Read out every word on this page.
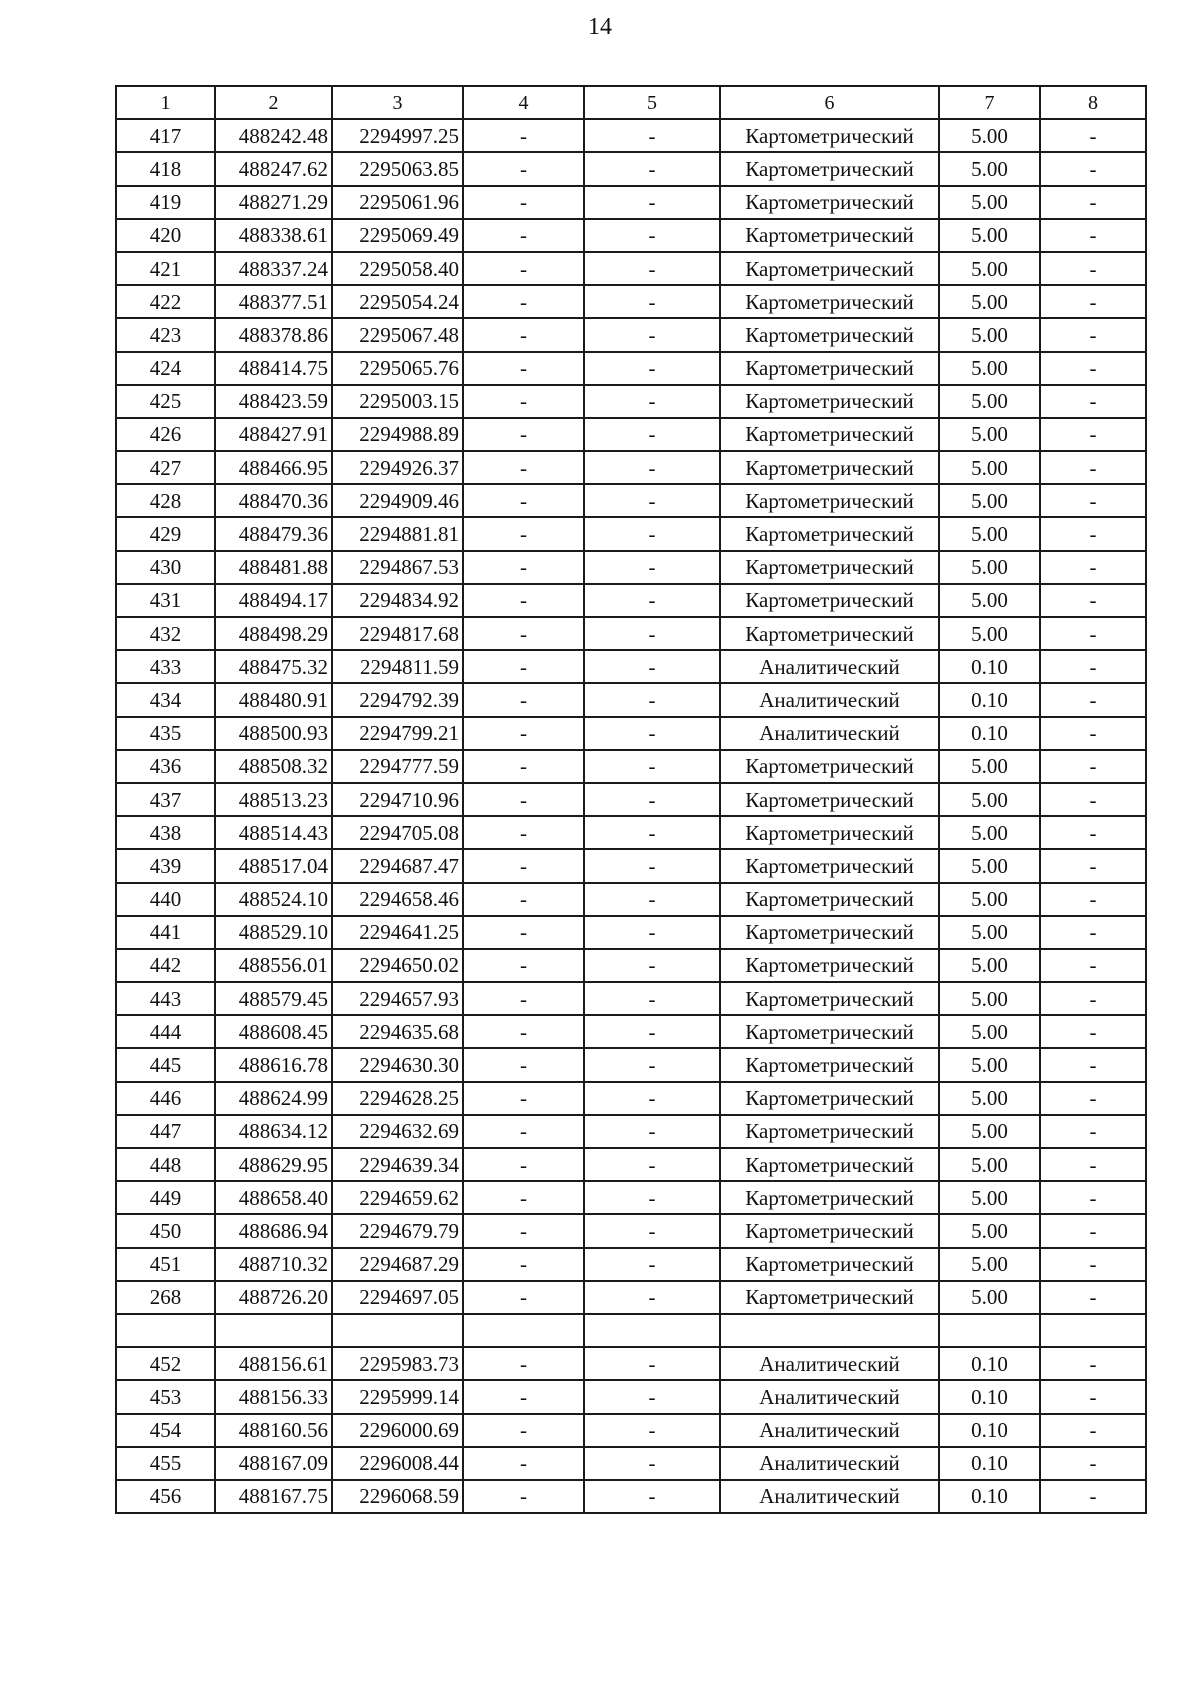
14
1	2	3	4	5	6	7	8
417	488242.48	2294997.25	-	-	Картометрический	5.00	-
418	488247.62	2295063.85	-	-	Картометрический	5.00	-
419	488271.29	2295061.96	-	-	Картометрический	5.00	-
420	488338.61	2295069.49	-	-	Картометрический	5.00	-
421	488337.24	2295058.40	-	-	Картометрический	5.00	-
422	488377.51	2295054.24	-	-	Картометрический	5.00	-
423	488378.86	2295067.48	-	-	Картометрический	5.00	-
424	488414.75	2295065.76	-	-	Картометрический	5.00	-
425	488423.59	2295003.15	-	-	Картометрический	5.00	-
426	488427.91	2294988.89	-	-	Картометрический	5.00	-
427	488466.95	2294926.37	-	-	Картометрический	5.00	-
428	488470.36	2294909.46	-	-	Картометрический	5.00	-
429	488479.36	2294881.81	-	-	Картометрический	5.00	-
430	488481.88	2294867.53	-	-	Картометрический	5.00	-
431	488494.17	2294834.92	-	-	Картометрический	5.00	-
432	488498.29	2294817.68	-	-	Картометрический	5.00	-
433	488475.32	2294811.59	-	-	Аналитический	0.10	-
434	488480.91	2294792.39	-	-	Аналитический	0.10	-
435	488500.93	2294799.21	-	-	Аналитический	0.10	-
436	488508.32	2294777.59	-	-	Картометрический	5.00	-
437	488513.23	2294710.96	-	-	Картометрический	5.00	-
438	488514.43	2294705.08	-	-	Картометрический	5.00	-
439	488517.04	2294687.47	-	-	Картометрический	5.00	-
440	488524.10	2294658.46	-	-	Картометрический	5.00	-
441	488529.10	2294641.25	-	-	Картометрический	5.00	-
442	488556.01	2294650.02	-	-	Картометрический	5.00	-
443	488579.45	2294657.93	-	-	Картометрический	5.00	-
444	488608.45	2294635.68	-	-	Картометрический	5.00	-
445	488616.78	2294630.30	-	-	Картометрический	5.00	-
446	488624.99	2294628.25	-	-	Картометрический	5.00	-
447	488634.12	2294632.69	-	-	Картометрический	5.00	-
448	488629.95	2294639.34	-	-	Картометрический	5.00	-
449	488658.40	2294659.62	-	-	Картометрический	5.00	-
450	488686.94	2294679.79	-	-	Картометрический	5.00	-
451	488710.32	2294687.29	-	-	Картометрический	5.00	-
268	488726.20	2294697.05	-	-	Картометрический	5.00	-

452	488156.61	2295983.73	-	-	Аналитический	0.10	-
453	488156.33	2295999.14	-	-	Аналитический	0.10	-
454	488160.56	2296000.69	-	-	Аналитический	0.10	-
455	488167.09	2296008.44	-	-	Аналитический	0.10	-
456	488167.75	2296068.59	-	-	Аналитический	0.10	-
